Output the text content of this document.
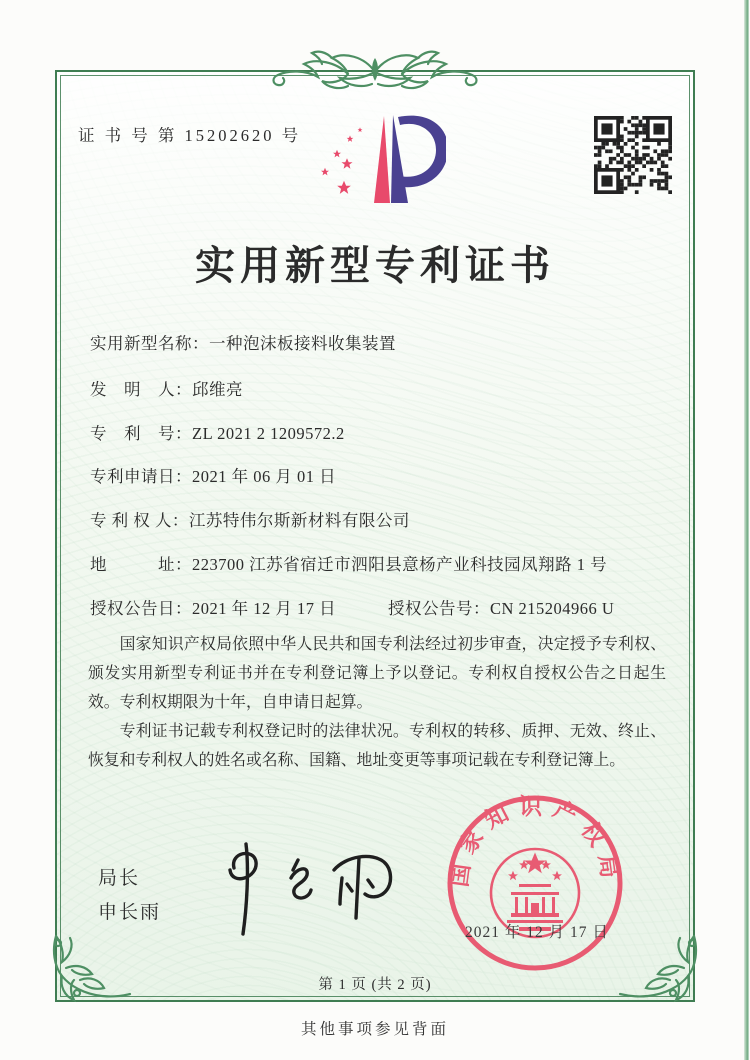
证 书 号 第 15202620 号
实用新型专利证书
实用新型名称：一种泡沫板接料收集装置
发　明　人：邱维亮
专　利　号：ZL 2021 2 1209572.2
专利申请日：2021 年 06 月 01 日
专 利 权 人：江苏特伟尔斯新材料有限公司
地　　　址：223700 江苏省宿迁市泗阳县意杨产业科技园凤翔路 1 号
授权公告日：2021 年 12 月 17 日	授权公告号：CN 215204966 U

国家知识产权局依照中华人民共和国专利法经过初步审查，决定授予专利权、颁发实用新型专利证书并在专利登记簿上予以登记。专利权自授权公告之日起生效。专利权期限为十年，自申请日起算。

专利证书记载专利权登记时的法律状况。专利权的转移、质押、无效、终止、恢复和专利权人的姓名或名称、国籍、地址变更等事项记载在专利登记簿上。

局长
申长雨
国家知识产权局
2021 年 12 月 17 日
第 1 页 (共 2 页)
其他事项参见背面
